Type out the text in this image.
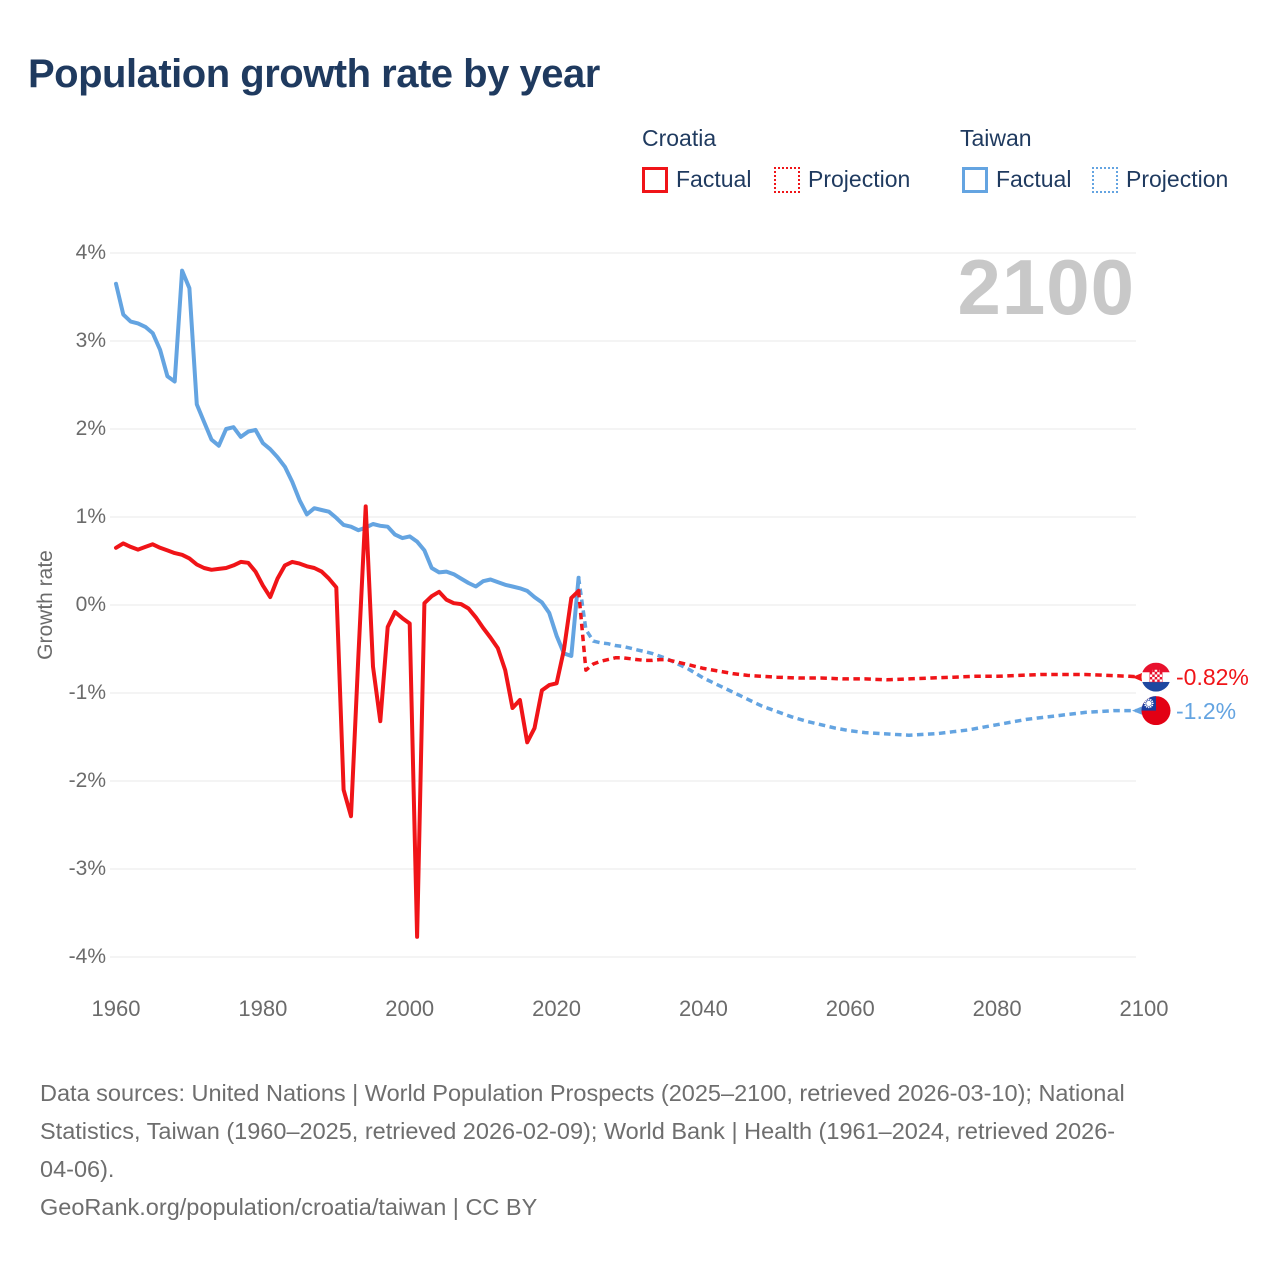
Population growth rate by year
Croatia	Taiwan
Factual Projection	Factual Projection
2100
Growth rate
4%
3%
2%
1%
0%
-1%
-2%
-3%
-4%
1960	1980	2000	2020	2040	2060	2080	2100
-0.82%
-1.2%
Data sources: United Nations | World Population Prospects (2025–2100, retrieved 2026-03-10); National
Statistics, Taiwan (1960–2025, retrieved 2026-02-09); World Bank | Health (1961–2024, retrieved 2026-
04-06).
GeoRank.org/population/croatia/taiwan | CC BY
